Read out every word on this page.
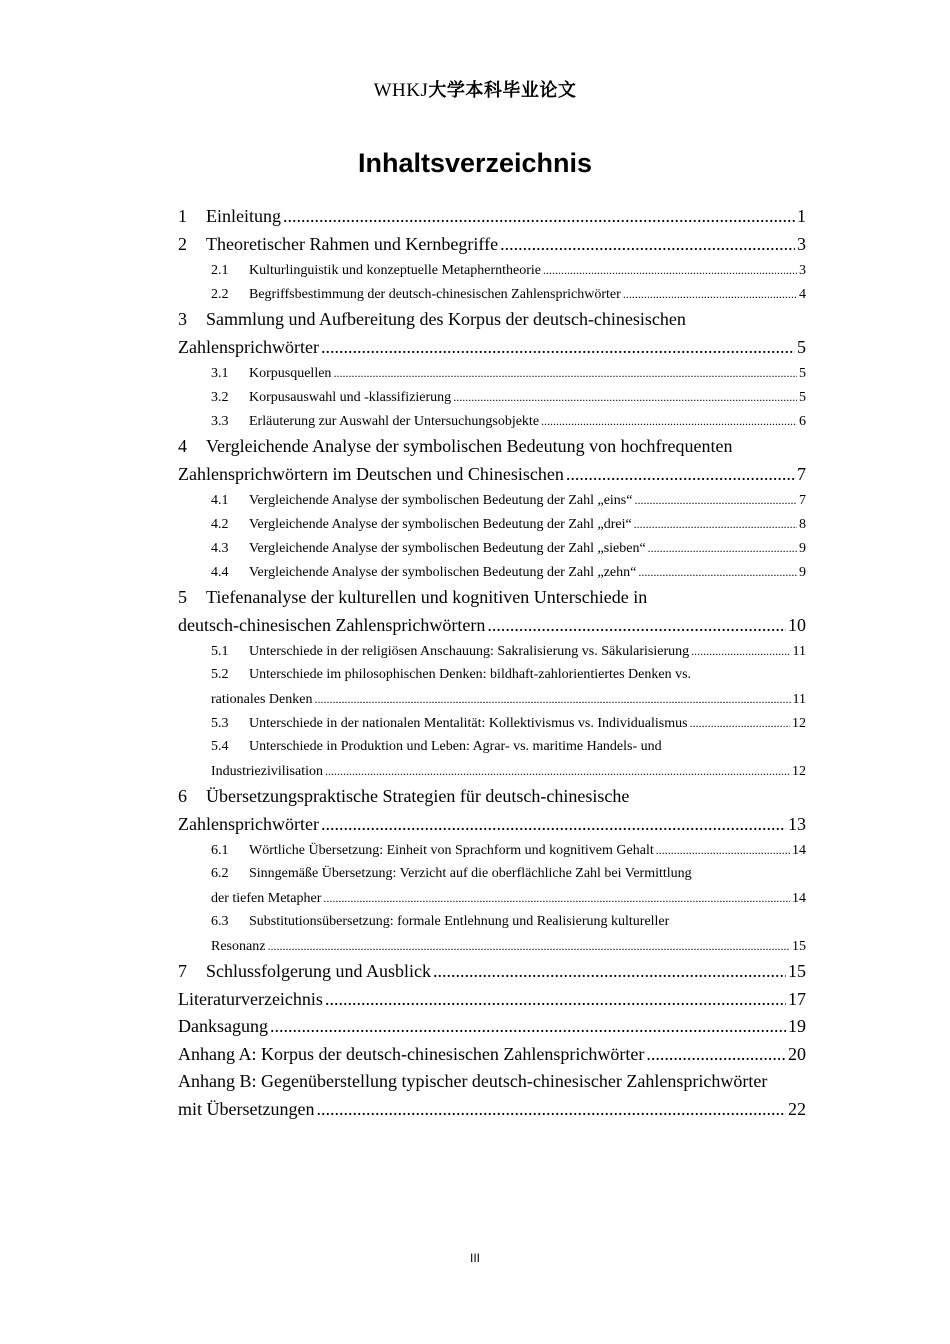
WHKJ大学本科毕业论文
Inhaltsverzeichnis
1	Einleitung .....	1
2	Theoretischer Rahmen und Kernbegriffe .....	3
2.1	Kulturlinguistik und konzeptuelle Metapherntheorie .....	3
2.2	Begriffsbestimmung der deutsch-chinesischen Zahlensprichwörter .....	4
3	Sammlung und Aufbereitung des Korpus der deutsch-chinesischen
Zahlensprichwörter .....	5
3.1	Korpusquellen .....	5
3.2	Korpusauswahl und -klassifizierung .....	5
3.3	Erläuterung zur Auswahl der Untersuchungsobjekte .....	6
4	Vergleichende Analyse der symbolischen Bedeutung von hochfrequenten
Zahlensprichwörtern im Deutschen und Chinesischen .....	7
4.1	Vergleichende Analyse der symbolischen Bedeutung der Zahl „eins“ .....	7
4.2	Vergleichende Analyse der symbolischen Bedeutung der Zahl „drei“ .....	8
4.3	Vergleichende Analyse der symbolischen Bedeutung der Zahl „sieben“ .....	9
4.4	Vergleichende Analyse der symbolischen Bedeutung der Zahl „zehn“ .....	9
5	Tiefenanalyse der kulturellen und kognitiven Unterschiede in
deutsch-chinesischen Zahlensprichwörtern .....	10
5.1	Unterschiede in der religiösen Anschauung: Sakralisierung vs. Säkularisierung .....	11
5.2	Unterschiede im philosophischen Denken: bildhaft-zahlorientiertes Denken vs.
rationales Denken .....	11
5.3	Unterschiede in der nationalen Mentalität: Kollektivismus vs. Individualismus .....	12
5.4	Unterschiede in Produktion und Leben: Agrar- vs. maritime Handels- und
Industriezivilisation .....	12
6	Übersetzungspraktische Strategien für deutsch-chinesische
Zahlensprichwörter .....	13
6.1	Wörtliche Übersetzung: Einheit von Sprachform und kognitivem Gehalt .....	14
6.2	Sinngemäße Übersetzung: Verzicht auf die oberflächliche Zahl bei Vermittlung
der tiefen Metapher .....	14
6.3	Substitutionsübersetzung: formale Entlehnung und Realisierung kultureller
Resonanz .....	15
7	Schlussfolgerung und Ausblick .....	15
Literaturverzeichnis .....	17
Danksagung .....	19
Anhang A: Korpus der deutsch-chinesischen Zahlensprichwörter .....	20
Anhang B: Gegenüberstellung typischer deutsch-chinesischer Zahlensprichwörter
mit Übersetzungen .....	22
III
